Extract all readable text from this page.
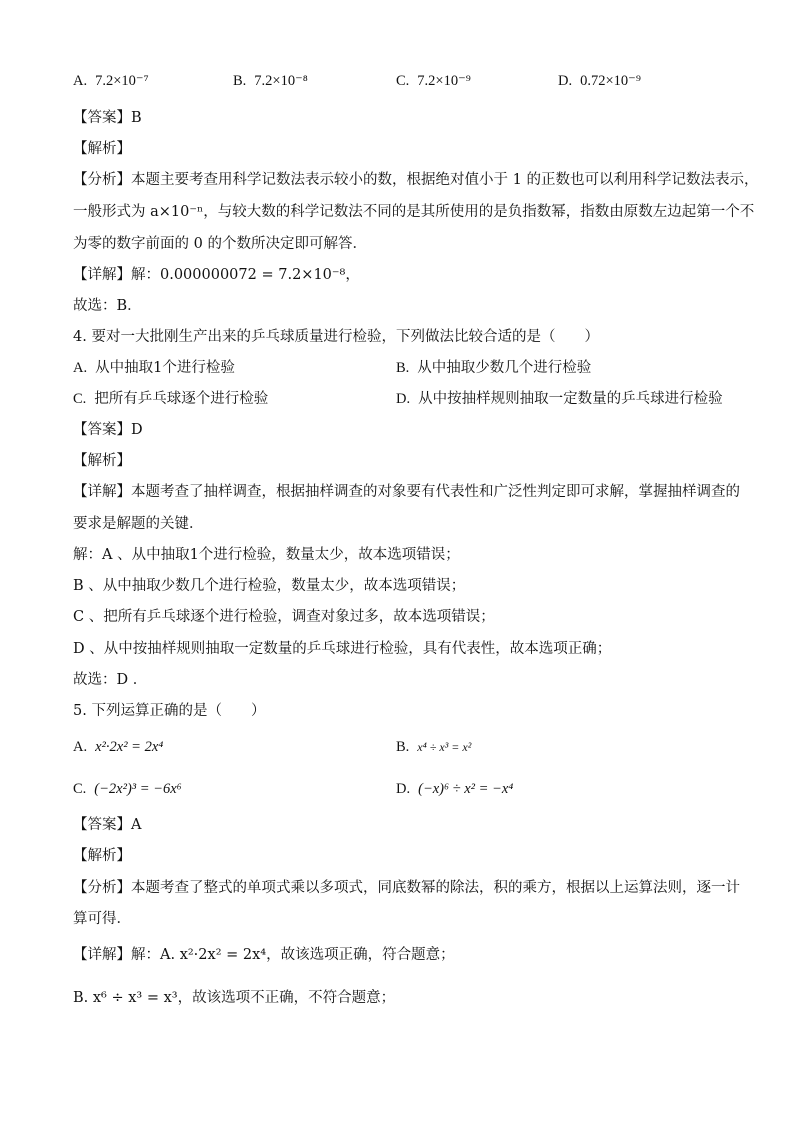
A. 7.2×10⁻⁷	B. 7.2×10⁻⁸	C. 7.2×10⁻⁹	D. 0.72×10⁻⁹
【答案】B
【解析】
【分析】本题主要考查用科学记数法表示较小的数，根据绝对值小于 1 的正数也可以利用科学记数法表示，
一般形式为 a×10⁻ⁿ，与较大数的科学记数法不同的是其所使用的是负指数幂，指数由原数左边起第一个不
为零的数字前面的 0 的个数所决定即可解答．
【详解】解：0.000000072 = 7.2×10⁻⁸，
故选：B．
4. 要对一大批刚生产出来的乒乓球质量进行检验，下列做法比较合适的是（　　）
A. 从中抽取1个进行检验	B. 从中抽取少数几个进行检验
C. 把所有乒乓球逐个进行检验	D. 从中按抽样规则抽取一定数量的乒乓球进行检验
【答案】D
【解析】
【详解】本题考查了抽样调查，根据抽样调查的对象要有代表性和广泛性判定即可求解，掌握抽样调查的
要求是解题的关键．
解：A 、从中抽取1个进行检验，数量太少，故本选项错误；
B 、从中抽取少数几个进行检验，数量太少，故本选项错误；
C 、把所有乒乓球逐个进行检验，调查对象过多，故本选项错误；
D 、从中按抽样规则抽取一定数量的乒乓球进行检验，具有代表性，故本选项正确；
故选：D ．
5. 下列运算正确的是（　　）
A. x²·2x² = 2x⁴	B. x⁴ ÷ x³ = x²
C. (−2x²)³ = −6x⁶	D. (−x)⁶ ÷ x² = −x⁴
【答案】A
【解析】
【分析】本题考查了整式的单项式乘以多项式，同底数幂的除法，积的乘方，根据以上运算法则，逐一计
算可得．
【详解】解：A. x²·2x² = 2x⁴，故该选项正确，符合题意；
B. x⁶ ÷ x³ = x³，故该选项不正确，不符合题意；
